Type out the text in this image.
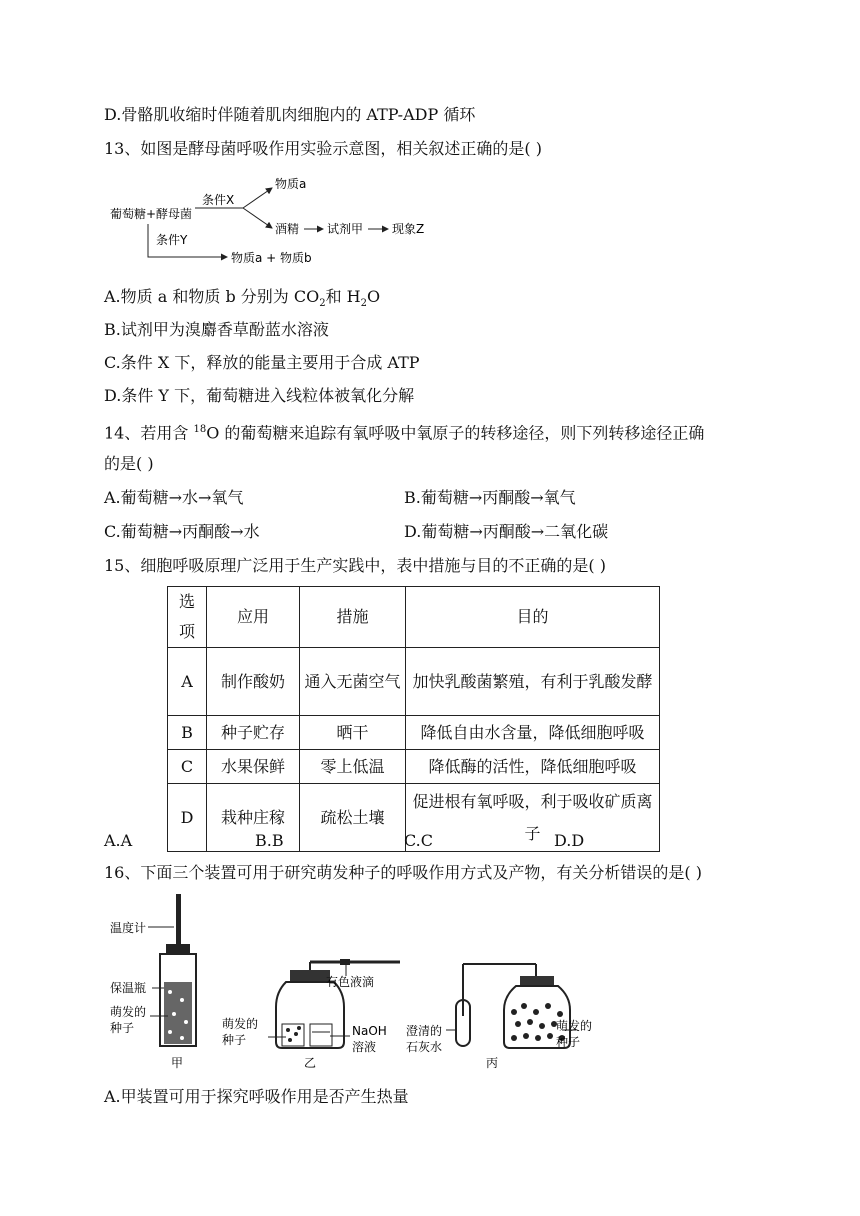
D.骨骼肌收缩时伴随着肌肉细胞内的 ATP-ADP 循环
13、如图是酵母菌呼吸作用实验示意图，相关叙述正确的是( )
葡萄糖+酵母菌
条件X
物质a
酒精 试剂甲 现象Z
条件Y
物质a + 物质b
A.物质 a 和物质 b 分别为 $CO_2$和 $H_2O$
B.试剂甲为溴麝香草酚蓝水溶液
C.条件 X 下，释放的能量主要用于合成 ATP
D.条件 Y 下，葡萄糖进入线粒体被氧化分解
14、若用含 $^{18}$O 的葡萄糖来追踪有氧呼吸中氧原子的转移途径，则下列转移途径正确
的是( )
A.葡萄糖→水→氧气	B.葡萄糖→丙酮酸→氧气
C.葡萄糖→丙酮酸→水	D.葡萄糖→丙酮酸→二氧化碳
15、细胞呼吸原理广泛用于生产实践中，表中措施与目的不正确的是( )
选项	应用	措施	目的
A	制作酸奶	通入无菌空气	加快乳酸菌繁殖，有利于乳酸发酵
B	种子贮存	晒干	降低自由水含量，降低细胞呼吸
C	水果保鲜	零上低温	降低酶的活性，降低细胞呼吸
D	栽种庄稼	疏松土壤	促进根有氧呼吸，利于吸收矿质离子
A.A	B.B	C.C	D.D
16、下面三个装置可用于研究萌发种子的呼吸作用方式及产物，有关分析错误的是( )
温度计
保温瓶
萌发的
种子
甲
有色液滴
萌发的
种子
NaOH
溶液
乙
澄清的
石灰水
萌发的
种子
丙
A.甲装置可用于探究呼吸作用是否产生热量
